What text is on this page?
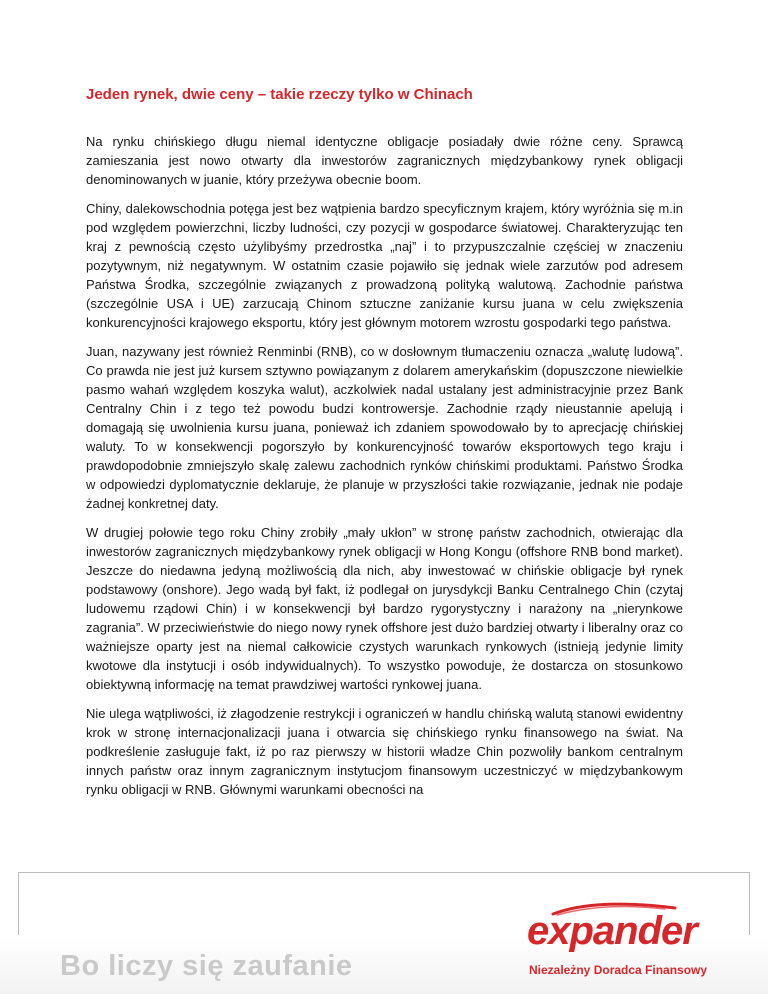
Jeden rynek, dwie ceny – takie rzeczy tylko w Chinach

Na rynku chińskiego długu niemal identyczne obligacje posiadały dwie różne ceny. Sprawcą zamieszania jest nowo otwarty dla inwestorów zagranicznych międzybankowy rynek obligacji denominowanych w juanie, który przeżywa obecnie boom.

Chiny, dalekowschodnia potęga jest bez wątpienia bardzo specyficznym krajem, który wyróżnia się m.in pod względem powierzchni, liczby ludności, czy pozycji w gospodarce światowej. Charakteryzując ten kraj z pewnością często użylibyśmy przedrostka „naj” i to przypuszczalnie częściej w znaczeniu pozytywnym, niż negatywnym. W ostatnim czasie pojawiło się jednak wiele zarzutów pod adresem Państwa Środka, szczególnie związanych z prowadzoną polityką walutową. Zachodnie państwa (szczególnie USA i UE) zarzucają Chinom sztuczne zaniżanie kursu juana w celu zwiększenia konkurencyjności krajowego eksportu, który jest głównym motorem wzrostu gospodarki tego państwa.

Juan, nazywany jest również Renminbi (RNB), co w dosłownym tłumaczeniu oznacza „walutę ludową”. Co prawda nie jest już kursem sztywno powiązanym z dolarem amerykańskim (dopuszczone niewielkie pasmo wahań względem koszyka walut), aczkolwiek nadal ustalany jest administracyjnie przez Bank Centralny Chin i z tego też powodu budzi kontrowersje. Zachodnie rządy nieustannie apelują i domagają się uwolnienia kursu juana, ponieważ ich zdaniem spowodowało by to aprecjację chińskiej waluty. To w konsekwencji pogorszyło by konkurencyjność towarów eksportowych tego kraju i prawdopodobnie zmniejszyło skalę zalewu zachodnich rynków chińskimi produktami. Państwo Środka w odpowiedzi dyplomatycznie deklaruje, że planuje w przyszłości takie rozwiązanie, jednak nie podaje żadnej konkretnej daty.

W drugiej połowie tego roku Chiny zrobiły „mały ukłon” w stronę państw zachodnich, otwierając dla inwestorów zagranicznych międzybankowy rynek obligacji w Hong Kongu (offshore RNB bond market). Jeszcze do niedawna jedyną możliwością dla nich, aby inwestować w chińskie obligacje był rynek podstawowy (onshore). Jego wadą był fakt, iż podlegał on jurysdykcji Banku Centralnego Chin (czytaj ludowemu rządowi Chin) i w konsekwencji był bardzo rygorystyczny i narażony na „nierynkowe zagrania”. W przeciwieństwie do niego nowy rynek offshore jest dużo bardziej otwarty i liberalny oraz co ważniejsze oparty jest na niemal całkowicie czystych warunkach rynkowych (istnieją jedynie limity kwotowe dla instytucji i osób indywidualnych). To wszystko powoduje, że dostarcza on stosunkowo obiektywną informację na temat prawdziwej wartości rynkowej juana.

Nie ulega wątpliwości, iż złagodzenie restrykcji i ograniczeń w handlu chińską walutą stanowi ewidentny krok w stronę internacjonalizacji juana i otwarcia się chińskiego rynku finansowego na świat. Na podkreślenie zasługuje fakt, iż po raz pierwszy w historii władze Chin pozwoliły bankom centralnym innych państw oraz innym zagranicznym instytucjom finansowym uczestniczyć w międzybankowym rynku obligacji w RNB. Głównymi warunkami obecności na

Bo liczy się zaufanie
expander
Niezależny Doradca Finansowy
